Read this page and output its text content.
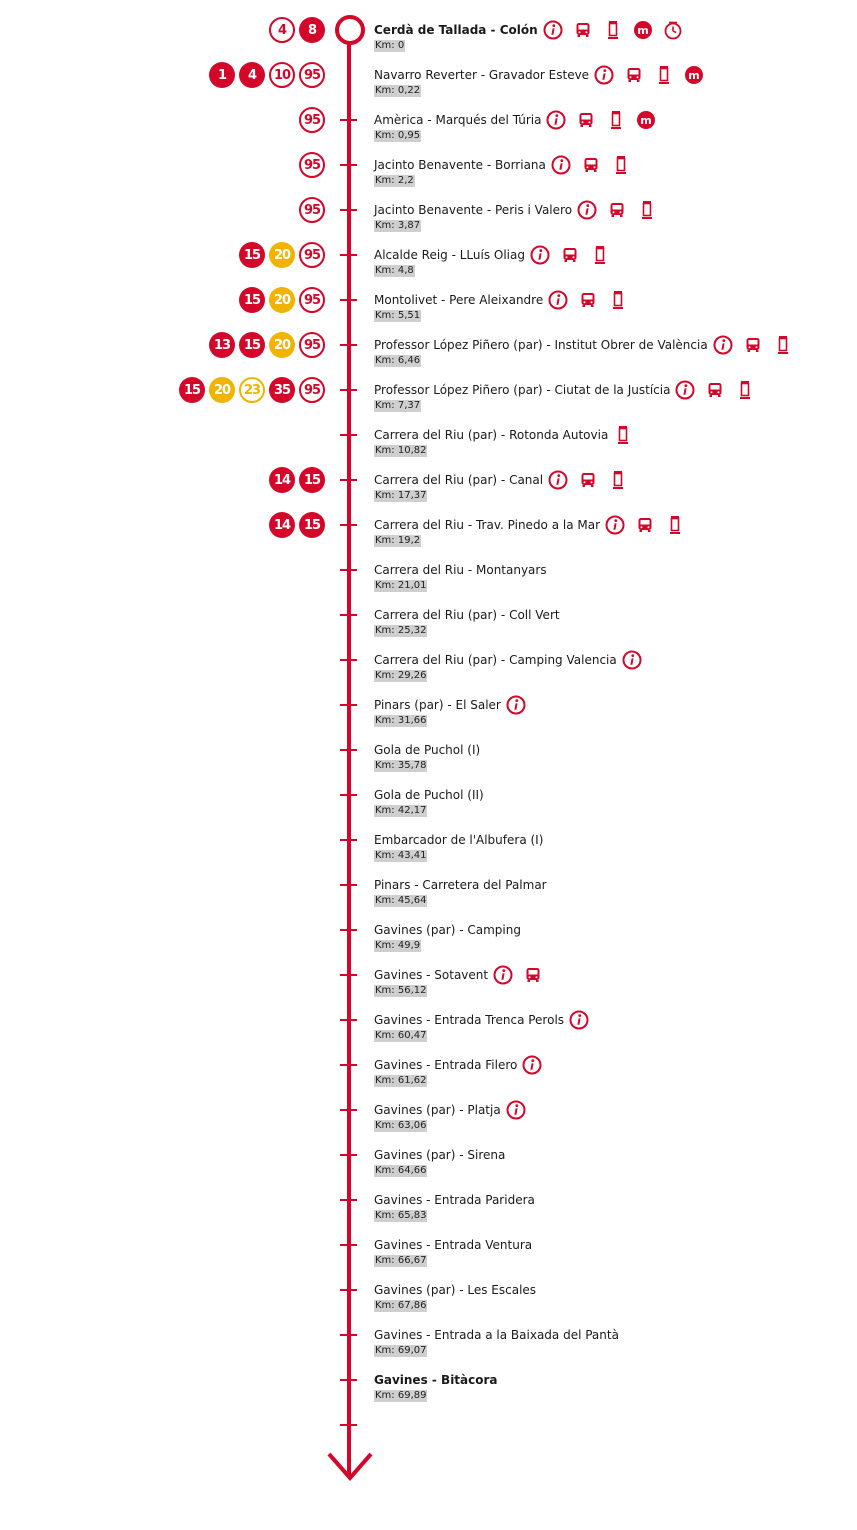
Cerdà de Tallada - Colón
Km: 0
4	8	m
Navarro Reverter - Gravador Esteve
Km: 0,22
1	4	10	95	m
Amèrica - Marqués del Túria
Km: 0,95
95	m
Jacinto Benavente - Borriana
Km: 2,2
95
Jacinto Benavente - Peris i Valero
Km: 3,87
95
Alcalde Reig - LLuís Oliag
Km: 4,8
15	20	95
Montolivet - Pere Aleixandre
Km: 5,51
15	20	95
Professor López Piñero (par) - Institut Obrer de València
Km: 6,46
13	15	20	95
Professor López Piñero (par) - Ciutat de la Justícia
Km: 7,37
15	20	23	35	95
Carrera del Riu (par) - Rotonda Autovia
Km: 10,82
Carrera del Riu (par) - Canal
Km: 17,37
14	15
Carrera del Riu - Trav. Pinedo a la Mar
Km: 19,2
14	15
Carrera del Riu - Montanyars
Km: 21,01
Carrera del Riu (par) - Coll Vert
Km: 25,32
Carrera del Riu (par) - Camping Valencia
Km: 29,26
Pinars (par) - El Saler
Km: 31,66
Gola de Puchol (I)
Km: 35,78
Gola de Puchol (II)
Km: 42,17
Embarcador de l'Albufera (I)
Km: 43,41
Pinars - Carretera del Palmar
Km: 45,64
Gavines (par) - Camping
Km: 49,9
Gavines - Sotavent
Km: 56,12
Gavines - Entrada Trenca Perols
Km: 60,47
Gavines - Entrada Filero
Km: 61,62
Gavines (par) - Platja
Km: 63,06
Gavines (par) - Sirena
Km: 64,66
Gavines - Entrada Paridera
Km: 65,83
Gavines - Entrada Ventura
Km: 66,67
Gavines (par) - Les Escales
Km: 67,86
Gavines - Entrada a la Baixada del Pantà
Km: 69,07
Gavines - Bitàcora
Km: 69,89
